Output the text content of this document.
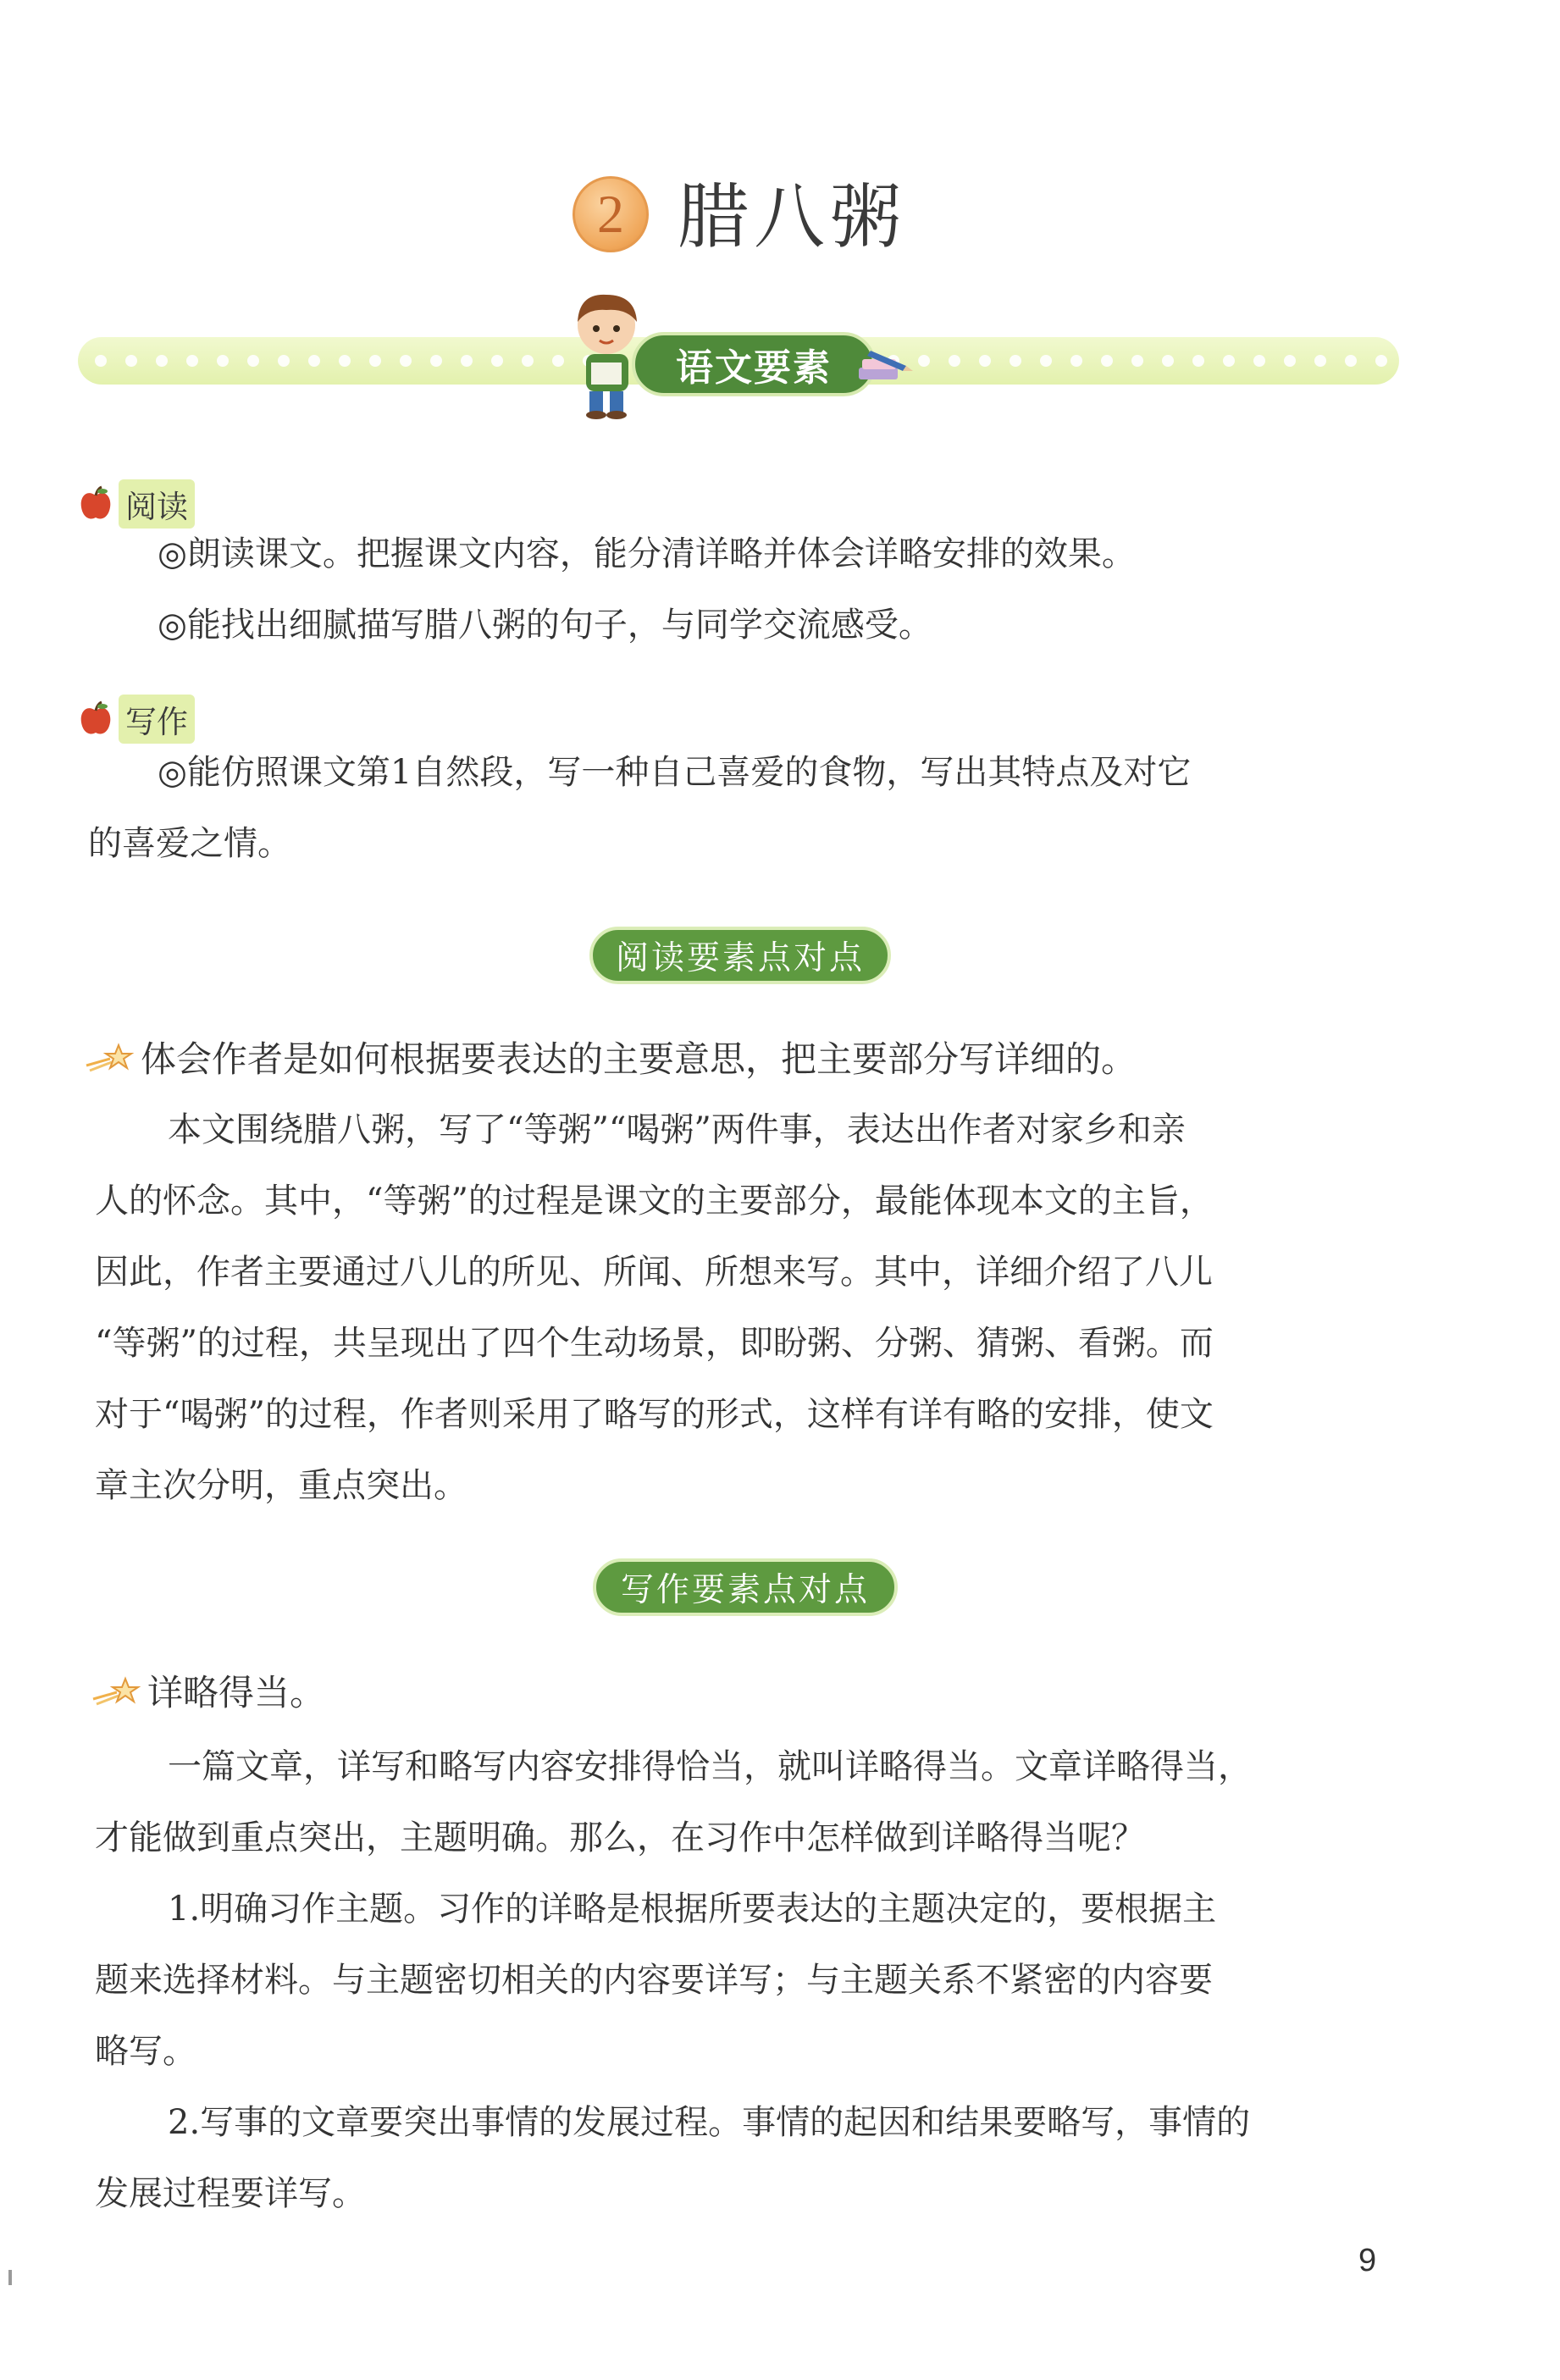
2 腊八粥
语文要素
阅读
◎朗读课文。把握课文内容，能分清详略并体会详略安排的效果。
◎能找出细腻描写腊八粥的句子，与同学交流感受。
写作
◎能仿照课文第1自然段，写一种自己喜爱的食物，写出其特点及对它
的喜爱之情。
阅读要素点对点
体会作者是如何根据要表达的主要意思，把主要部分写详细的。
本文围绕腊八粥，写了“等粥”“喝粥”两件事，表达出作者对家乡和亲
人的怀念。其中，“等粥”的过程是课文的主要部分，最能体现本文的主旨，
因此，作者主要通过八儿的所见、所闻、所想来写。其中，详细介绍了八儿
“等粥”的过程，共呈现出了四个生动场景，即盼粥、分粥、猜粥、看粥。而
对于“喝粥”的过程，作者则采用了略写的形式，这样有详有略的安排，使文
章主次分明，重点突出。
写作要素点对点
详略得当。
一篇文章，详写和略写内容安排得恰当，就叫详略得当。文章详略得当，
才能做到重点突出，主题明确。那么，在习作中怎样做到详略得当呢？
1.明确习作主题。习作的详略是根据所要表达的主题决定的，要根据主
题来选择材料。与主题密切相关的内容要详写；与主题关系不紧密的内容要
略写。
2.写事的文章要突出事情的发展过程。事情的起因和结果要略写，事情的
发展过程要详写。
9
